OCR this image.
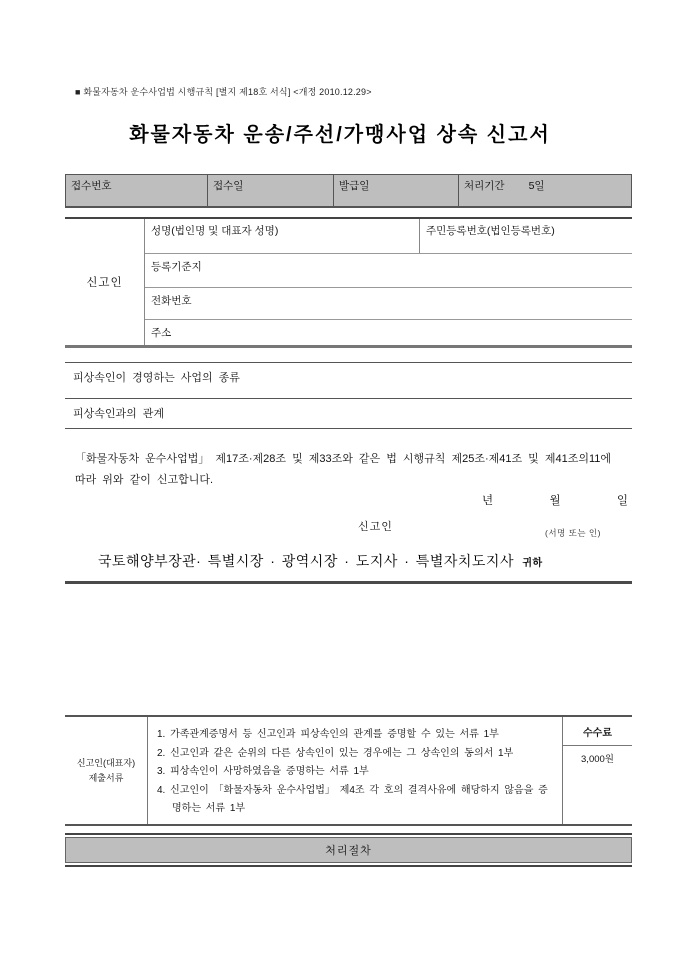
■ 화물자동차 운수사업법 시행규칙 [별지 제18호 서식] <개정 2010.12.29>
화물자동차 운송/주선/가맹사업 상속 신고서
접수번호	접수일	발급일	처리기간 5일
신고인
성명(법인명 및 대표자 성명)	주민등록번호(법인등록번호)
등록기준지
전화번호
주소
피상속인이 경영하는 사업의 종류
피상속인과의 관계
「화물자동차 운수사업법」 제17조·제28조 및 제33조와 같은 법 시행규칙 제25조·제41조 및 제41조의11에
따라 위와 같이 신고합니다.
년	월	일
신고인	(서명 또는 인)
국토해양부장관· 특별시장 · 광역시장 · 도지사 · 특별자치도지사 귀하
신고인(대표자)
제출서류
1. 가족관계증명서 등 신고인과 피상속인의 관계를 증명할 수 있는 서류 1부
2. 신고인과 같은 순위의 다른 상속인이 있는 경우에는 그 상속인의 동의서 1부
3. 피상속인이 사망하였음을 증명하는 서류 1부
4. 신고인이 「화물자동차 운수사업법」 제4조 각 호의 결격사유에 해당하지 않음을 증명하는 서류 1부
수수료
3,000원
처리절차
